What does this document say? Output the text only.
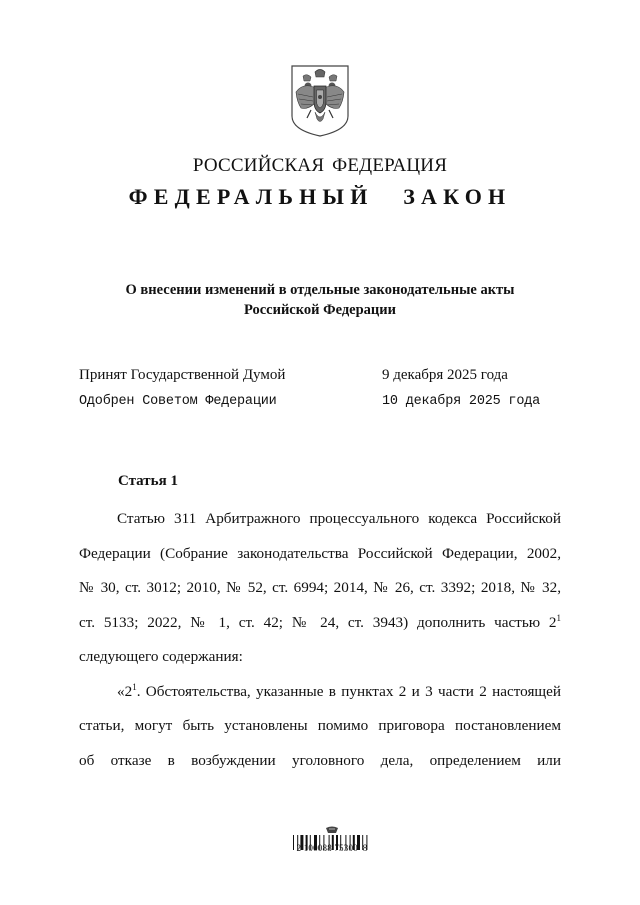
РОССИЙСКАЯ ФЕДЕРАЦИЯ
ФЕДЕРАЛЬНЫЙ ЗАКОН
О внесении изменений в отдельные законодательные акты
Российской Федерации
Принят Государственной Думой	9 декабря 2025 года
Одобрен Советом Федерации	10 декабря 2025 года
Статья 1
Статью 311 Арбитражного процессуального кодекса Российской
Федерации (Собрание законодательства Российской Федерации, 2002,
№ 30, ст. 3012; 2010, № 52, ст. 6994; 2014, № 26, ст. 3392; 2018, № 32,
ст. 5133; 2022, № 1, ст. 42; № 24, ст. 3943) дополнить частью $2^1$
следующего содержания:
«$2^1$. Обстоятельства, указанные в пунктах 2 и 3 части 2 настоящей
статьи, могут быть установлены помимо приговора постановлением
об отказе в возбуждении уголовного дела, определением или
2 100088 75300  8
